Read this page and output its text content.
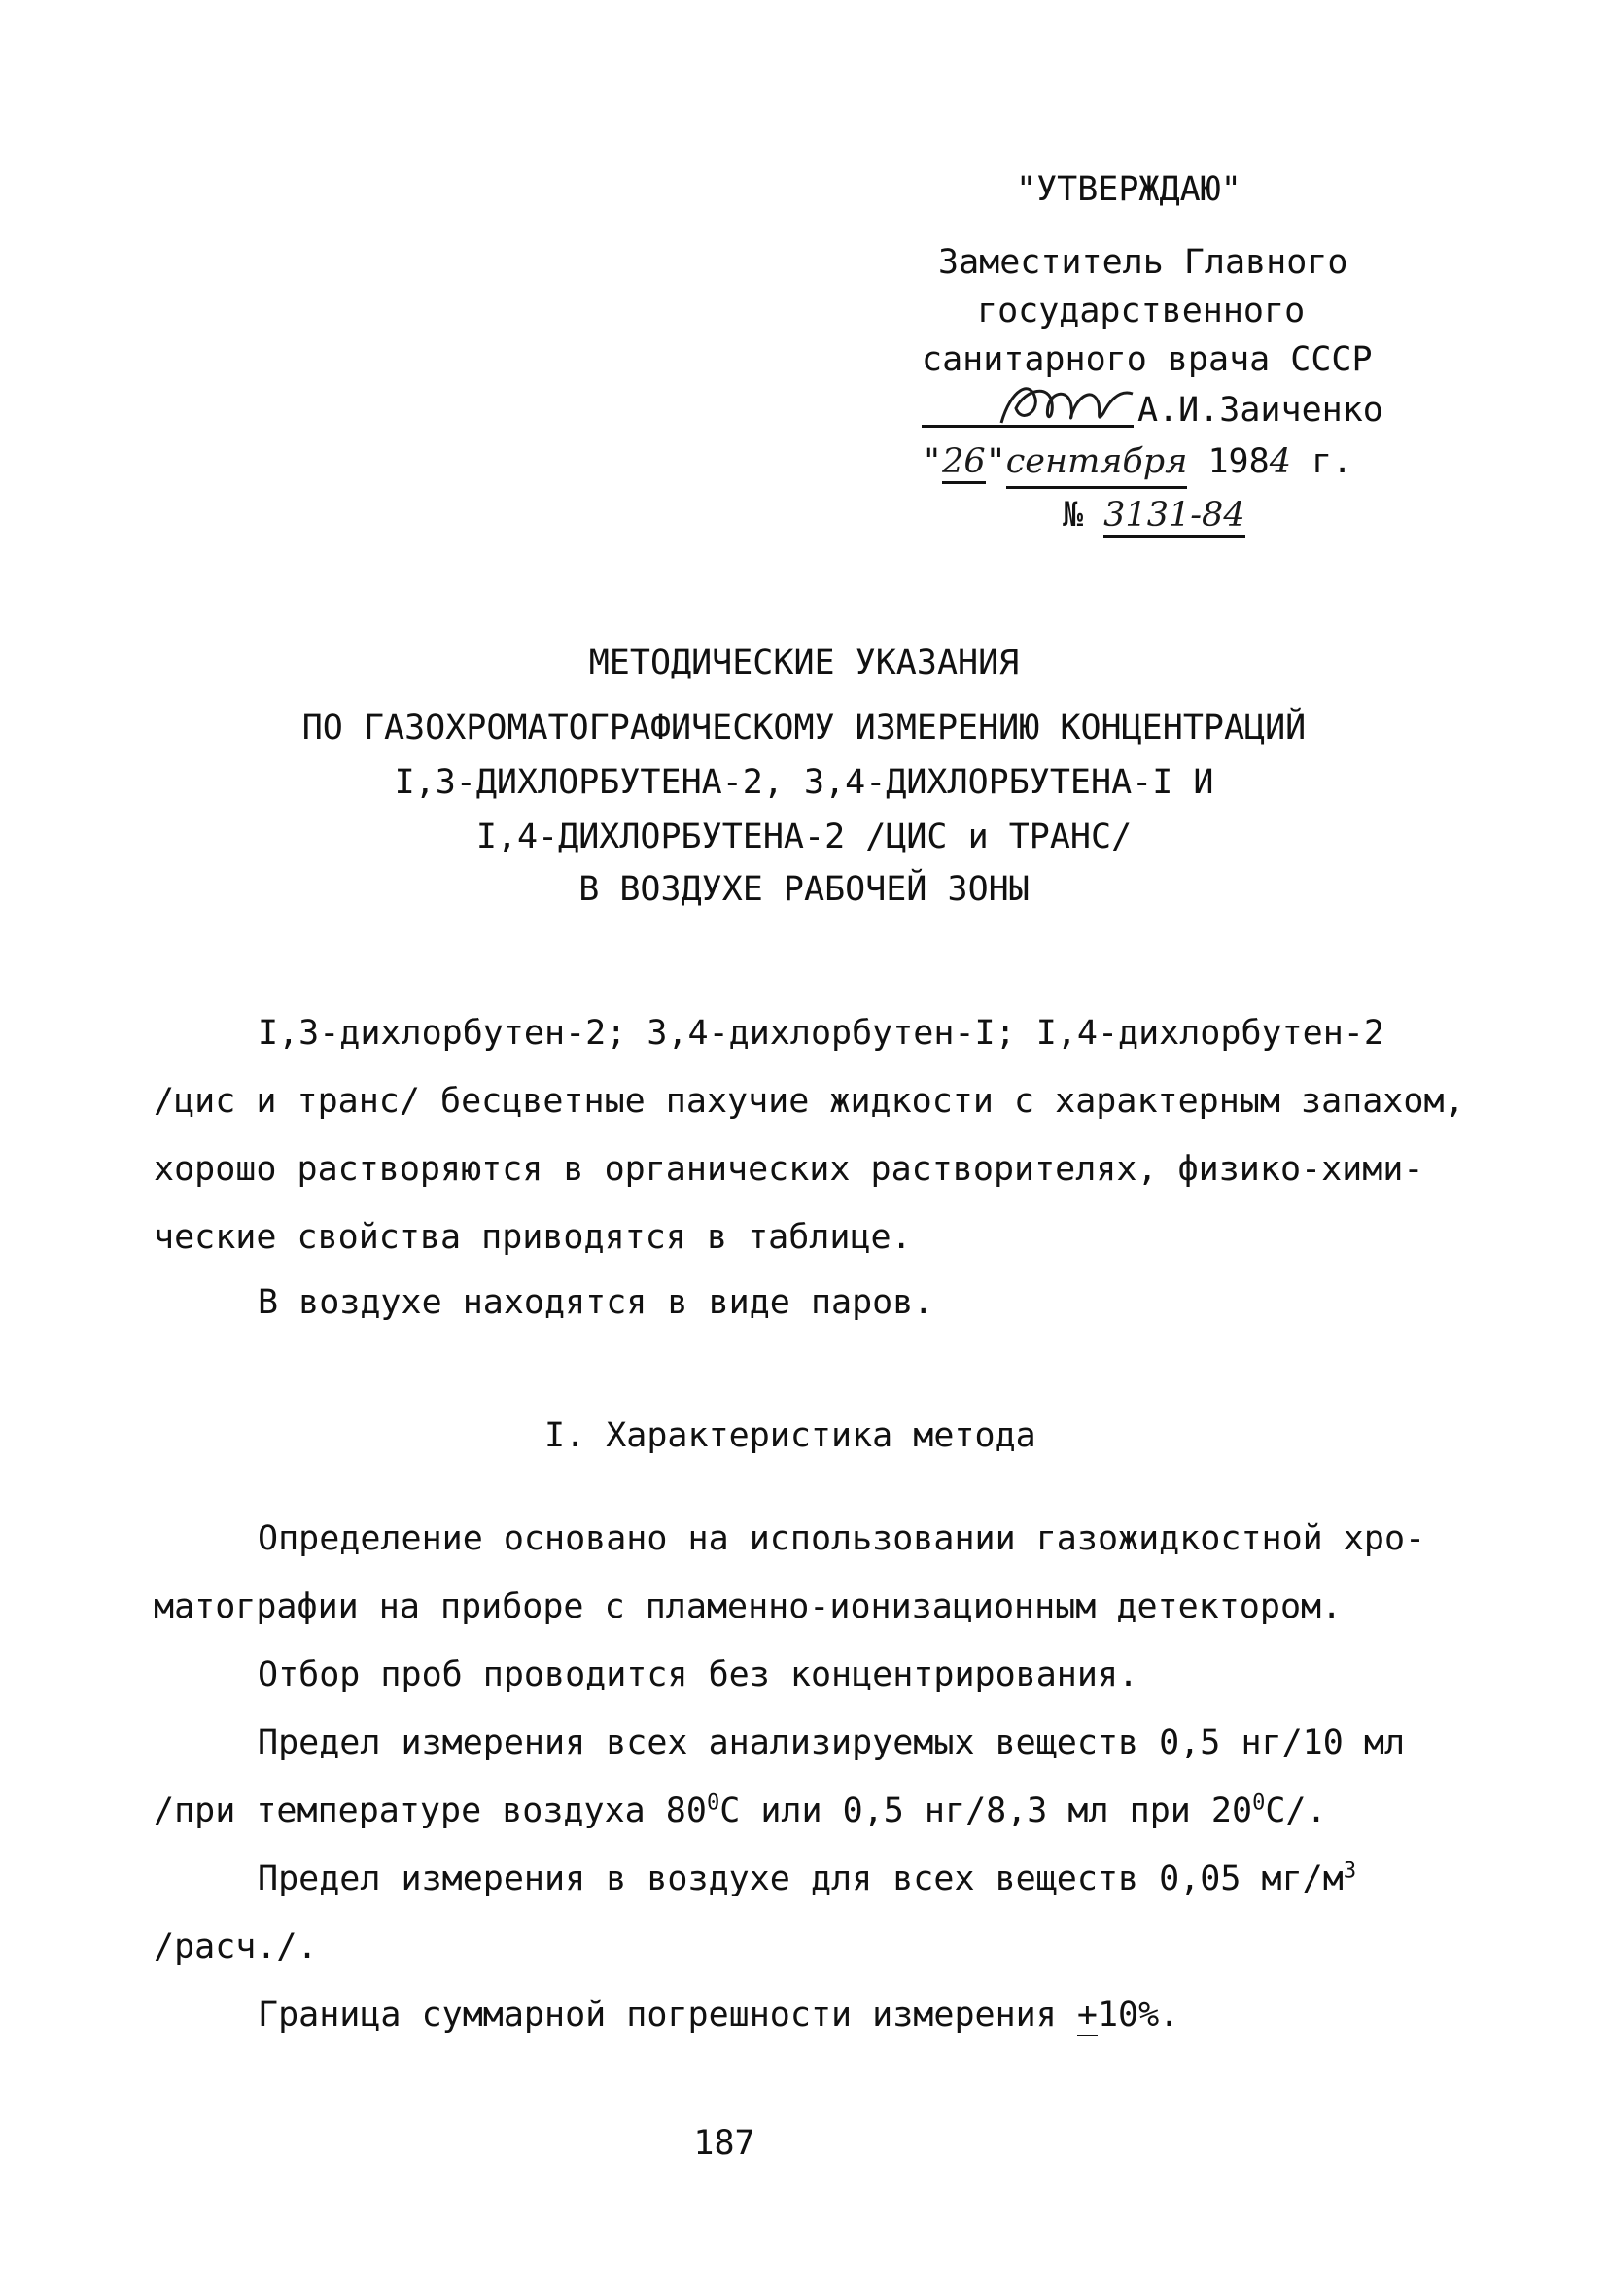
"УТВЕРЖДАЮ"
Заместитель Главного
государственного
санитарного врача СССР
А.И.Заиченко
"26"сентября 1984 г.
№ 3131-84
МЕТОДИЧЕСКИЕ УКАЗАНИЯ
ПО ГАЗОХРОМАТОГРАФИЧЕСКОМУ ИЗМЕРЕНИЮ КОНЦЕНТРАЦИЙ
I,3-ДИХЛОРБУТЕНА-2, 3,4-ДИХЛОРБУТЕНА-I И
I,4-ДИХЛОРБУТЕНА-2 /ЦИС и ТРАНС/
В ВОЗДУХЕ РАБОЧЕЙ ЗОНЫ
I,3-дихлорбутен-2; 3,4-дихлорбутен-I; I,4-дихлорбутен-2
/цис и транс/ бесцветные пахучие жидкости с характерным запахом,
хорошо растворяются в органических растворителях, физико-хими-
ческие свойства приводятся в таблице.
В воздухе находятся в виде паров.
I. Характеристика метода
Определение основано на использовании газожидкостной хро-
матографии на приборе с пламенно-ионизационным детектором.
Отбор проб проводится без концентрирования.
Предел измерения всех анализируемых веществ 0,5 нг/10 мл
/при температуре воздуха $80^0С$ или 0,5 нг/8,3 мл при $20^0С/$.
Предел измерения в воздухе для всех веществ 0,05 $мг/м^3$
/расч./.
Граница суммарной погрешности измерения +10%.
187
